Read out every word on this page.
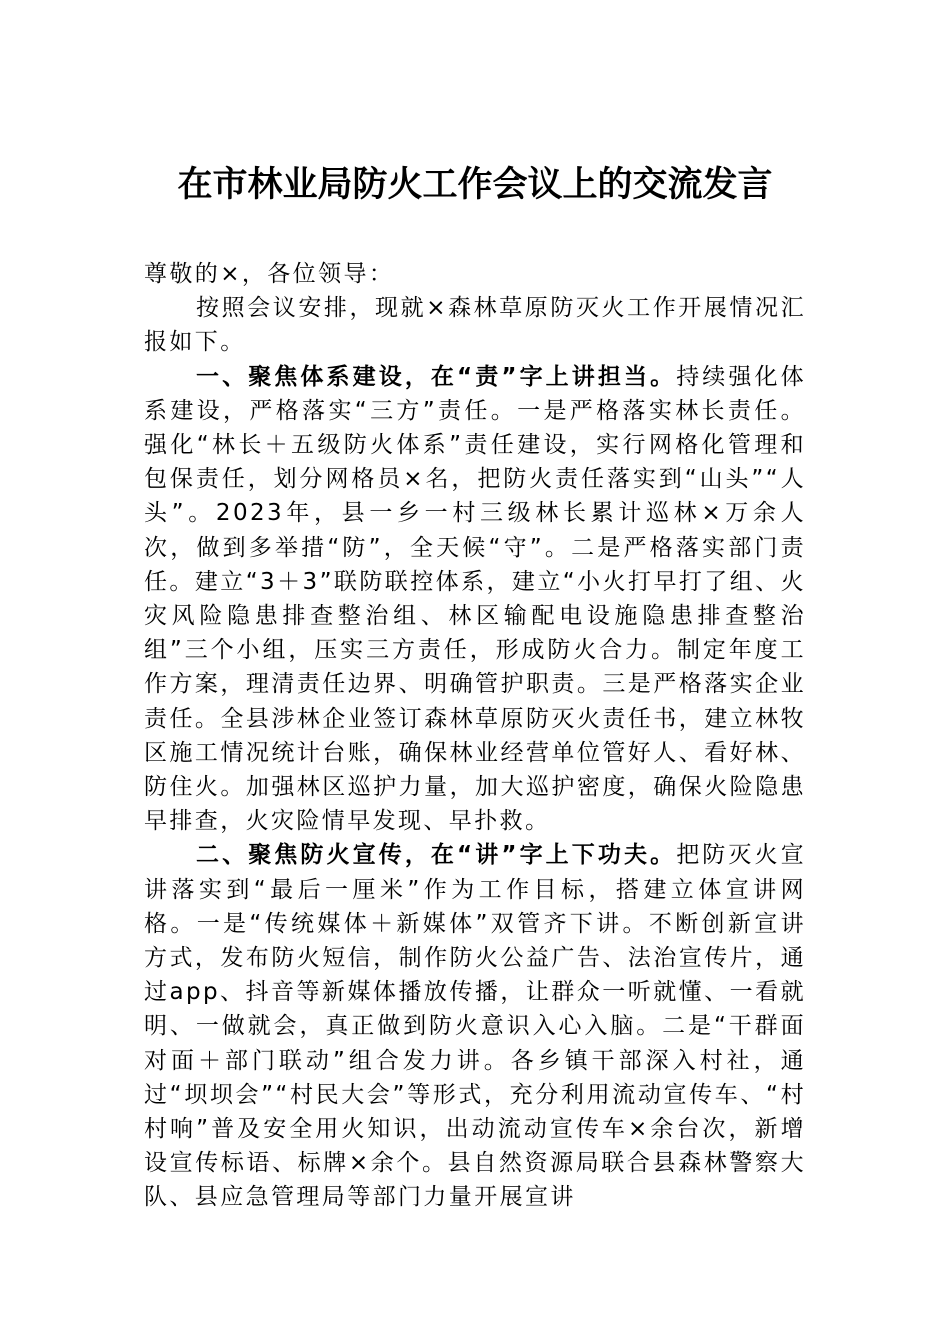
在市林业局防火工作会议上的交流发言

尊敬的×，各位领导：

按照会议安排，现就×森林草原防灭火工作开展情况汇报如下。

一、聚焦体系建设，在“责”字上讲担当。持续强化体系建设，严格落实“三方”责任。一是严格落实林长责任。强化“林长＋五级防火体系”责任建设，实行网格化管理和包保责任，划分网格员×名，把防火责任落实到“山头”“人头”。2023年，县一乡一村三级林长累计巡林×万余人次，做到多举措“防”，全天候“守”。二是严格落实部门责任。建立“3＋3”联防联控体系，建立“小火打早打了组、火灾风险隐患排查整治组、林区输配电设施隐患排查整治组”三个小组，压实三方责任，形成防火合力。制定年度工作方案，理清责任边界、明确管护职责。三是严格落实企业责任。全县涉林企业签订森林草原防灭火责任书，建立林牧区施工情况统计台账，确保林业经营单位管好人、看好林、防住火。加强林区巡护力量，加大巡护密度，确保火险隐患早排查，火灾险情早发现、早扑救。

二、聚焦防火宣传，在“讲”字上下功夫。把防灭火宣讲落实到“最后一厘米”作为工作目标，搭建立体宣讲网格。一是“传统媒体＋新媒体”双管齐下讲。不断创新宣讲方式，发布防火短信，制作防火公益广告、法治宣传片，通过app、抖音等新媒体播放传播，让群众一听就懂、一看就明、一做就会，真正做到防火意识入心入脑。二是“干群面对面＋部门联动”组合发力讲。各乡镇干部深入村社，通过“坝坝会”“村民大会”等形式，充分利用流动宣传车、“村村响”普及安全用火知识，出动流动宣传车×余台次，新增设宣传标语、标牌×余个。县自然资源局联合县森林警察大队、县应急管理局等部门力量开展宣讲
